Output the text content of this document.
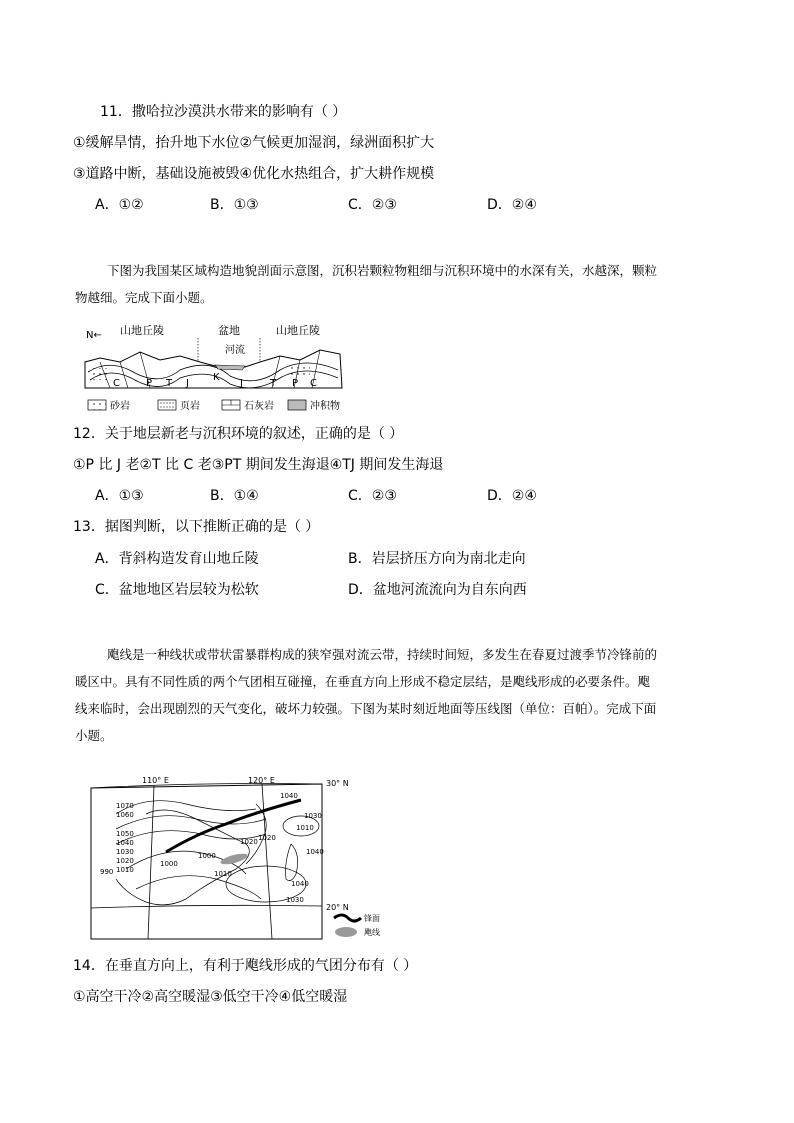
11．撒哈拉沙漠洪水带来的影响有（ ）
①缓解旱情，抬升地下水位②气候更加湿润，绿洲面积扩大
③道路中断，基础设施被毁④优化水热组合，扩大耕作规模
A．①②	B．①③	C．②③	D．②④
下图为我国某区域构造地貌剖面示意图，沉积岩颗粒物粗细与沉积环境中的水深有关，水越深，颗粒
物越细。完成下面小题。
N← 山地丘陵	盆地	山地丘陵
河流
C	P T J
K
J	T P C
砂岩	页岩	石灰岩	冲积物
12．关于地层新老与沉积环境的叙述，正确的是（ ）
①P 比 J 老②T 比 C 老③PT 期间发生海退④TJ 期间发生海退
A．①③	B．①④	C．②③	D．②④
13．据图判断，以下推断正确的是（ ）
A．背斜构造发育山地丘陵	B．岩层挤压方向为南北走向
C．盆地地区岩层较为松软	D．盆地河流流向为自东向西
飑线是一种线状或带状雷暴群构成的狭窄强对流云带，持续时间短，多发生在春夏过渡季节冷锋前的
暖区中。具有不同性质的两个气团相互碰撞，在垂直方向上形成不稳定层结，是飑线形成的必要条件。飑
线来临时，会出现剧烈的天气变化，破坏力较强。下图为某时刻近地面等压线图（单位：百帕）。完成下面
小题。
110° E	120° E	30° N
20° N
1070
1060
1050
1040
1030
1020
1010
1000
990
1040
1030
1010
1020 1020
1000
1010
1040
1030
1040
锋面
飑线
14．在垂直方向上，有利于飑线形成的气团分布有（ ）
①高空干冷②高空暖湿③低空干冷④低空暖湿
